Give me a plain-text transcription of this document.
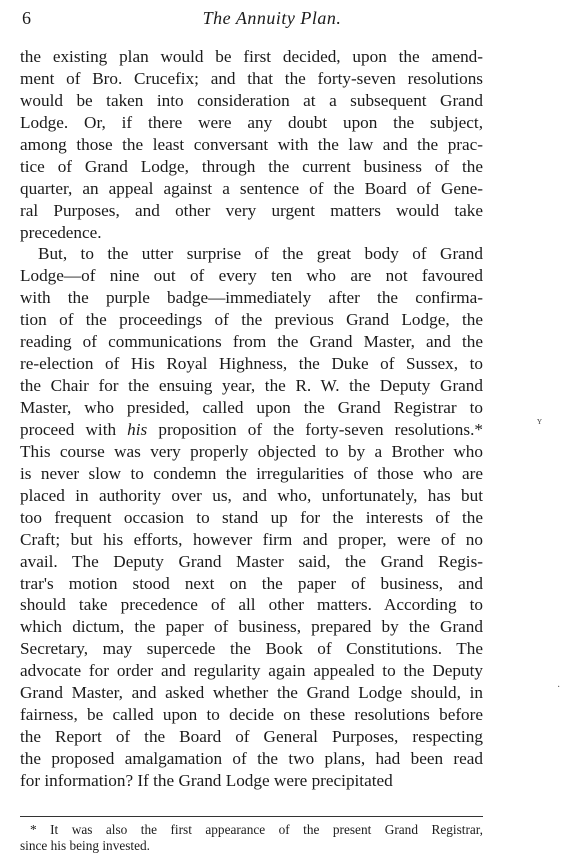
6	The Annuity Plan.
the existing plan would be first decided, upon the amend-
ment of Bro. Crucefix; and that the forty-seven resolutions
would be taken into consideration at a subsequent Grand
Lodge. Or, if there were any doubt upon the subject,
among those the least conversant with the law and the prac-
tice of Grand Lodge, through the current business of the
quarter, an appeal against a sentence of the Board of Gene-
ral Purposes, and other very urgent matters would take
precedence.
But, to the utter surprise of the great body of Grand
Lodge—of nine out of every ten who are not favoured
with the purple badge—immediately after the confirma-
tion of the proceedings of the previous Grand Lodge, the
reading of communications from the Grand Master, and the
re-election of His Royal Highness, the Duke of Sussex, to
the Chair for the ensuing year, the R. W. the Deputy Grand
Master, who presided, called upon the Grand Registrar to
proceed with his proposition of the forty-seven resolutions.*
This course was very properly objected to by a Brother who
is never slow to condemn the irregularities of those who are
placed in authority over us, and who, unfortunately, has but
too frequent occasion to stand up for the interests of the
Craft; but his efforts, however firm and proper, were of no
avail. The Deputy Grand Master said, the Grand Regis-
trar's motion stood next on the paper of business, and
should take precedence of all other matters. According to
which dictum, the paper of business, prepared by the Grand
Secretary, may supercede the Book of Constitutions. The
advocate for order and regularity again appealed to the Deputy
Grand Master, and asked whether the Grand Lodge should, in
fairness, be called upon to decide on these resolutions before
the Report of the Board of General Purposes, respecting
the proposed amalgamation of the two plans, had been read
for information? If the Grand Lodge were precipitated
* It was also the first appearance of the present Grand Registrar,
since his being invested.
ʏ
·
